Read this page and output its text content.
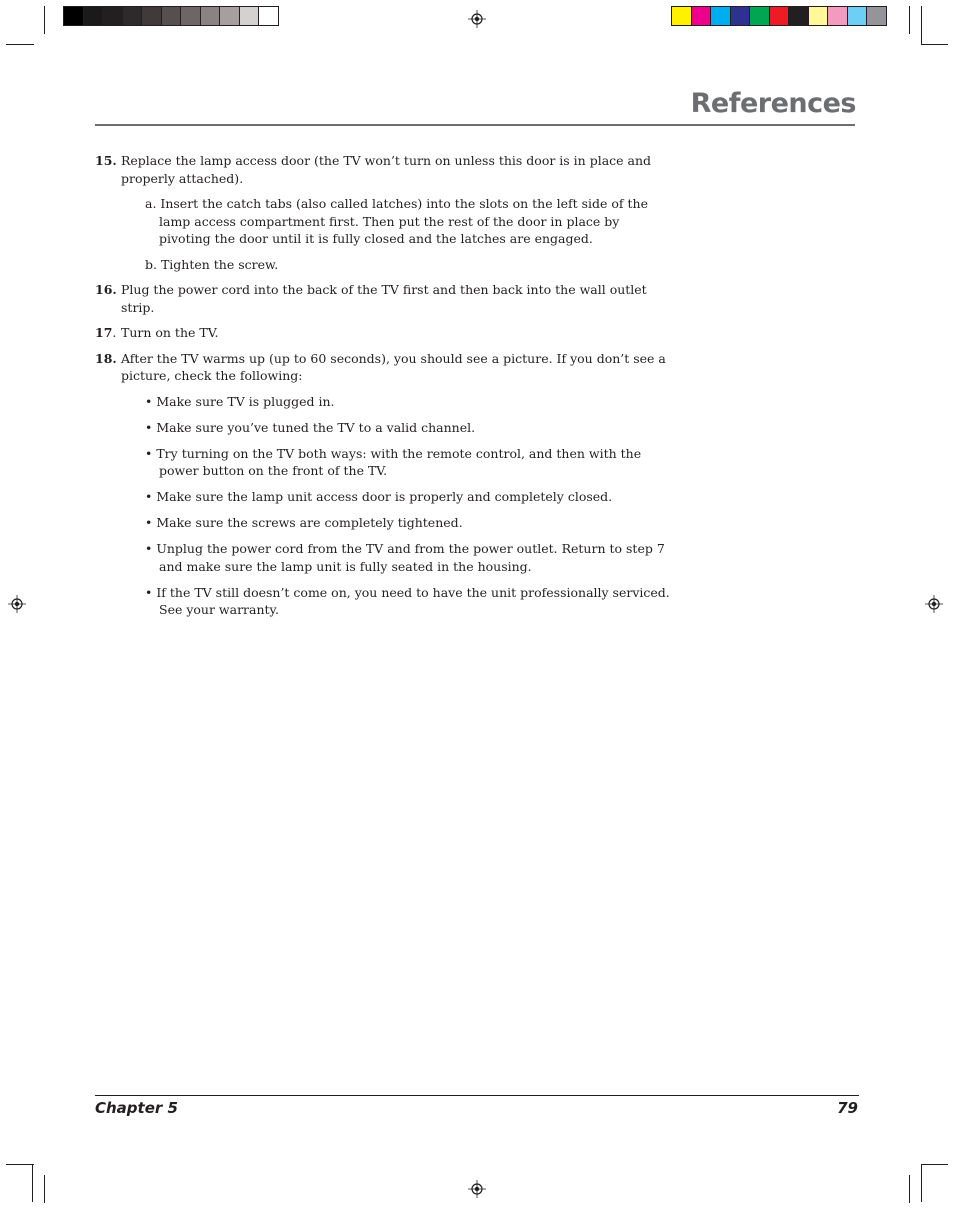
References
15. Replace the lamp access door (the TV won’t turn on unless this door is in place and properly attached).
a. Insert the catch tabs (also called latches) into the slots on the left side of the lamp access compartment first. Then put the rest of the door in place by pivoting the door until it is fully closed and the latches are engaged.
b. Tighten the screw.
16. Plug the power cord into the back of the TV first and then back into the wall outlet strip.
17. Turn on the TV.
18. After the TV warms up (up to 60 seconds), you should see a picture. If you don’t see a picture, check the following:
• Make sure TV is plugged in.
• Make sure you’ve tuned the TV to a valid channel.
• Try turning on the TV both ways: with the remote control, and then with the power button on the front of the TV.
• Make sure the lamp unit access door is properly and completely closed.
• Make sure the screws are completely tightened.
• Unplug the power cord from the TV and from the power outlet. Return to step 7 and make sure the lamp unit is fully seated in the housing.
• If the TV still doesn’t come on, you need to have the unit professionally serviced. See your warranty.
Chapter 5	79
